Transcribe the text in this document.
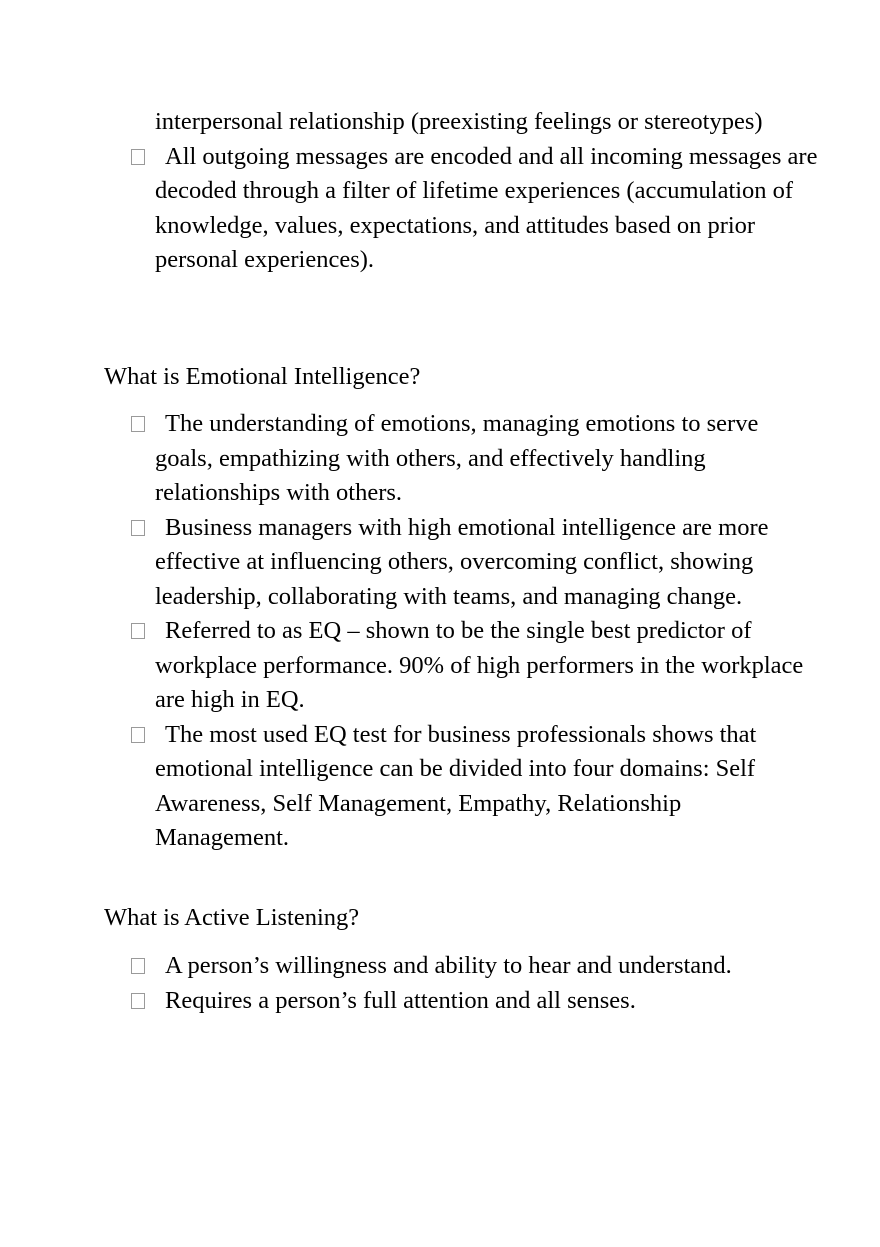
interpersonal relationship (preexisting feelings or stereotypes)
All outgoing messages are encoded and all incoming messages are decoded through a filter of lifetime experiences (accumulation of knowledge, values, expectations, and attitudes based on prior personal experiences).
What is Emotional Intelligence?
The understanding of emotions, managing emotions to serve goals, empathizing with others, and effectively handling relationships with others.
Business managers with high emotional intelligence are more effective at influencing others, overcoming conflict, showing leadership, collaborating with teams, and managing change.
Referred to as EQ – shown to be the single best predictor of workplace performance. 90% of high performers in the workplace are high in EQ.
The most used EQ test for business professionals shows that emotional intelligence can be divided into four domains: Self Awareness, Self Management, Empathy, Relationship Management.
What is Active Listening?
A person’s willingness and ability to hear and understand.
Requires a person’s full attention and all senses.
